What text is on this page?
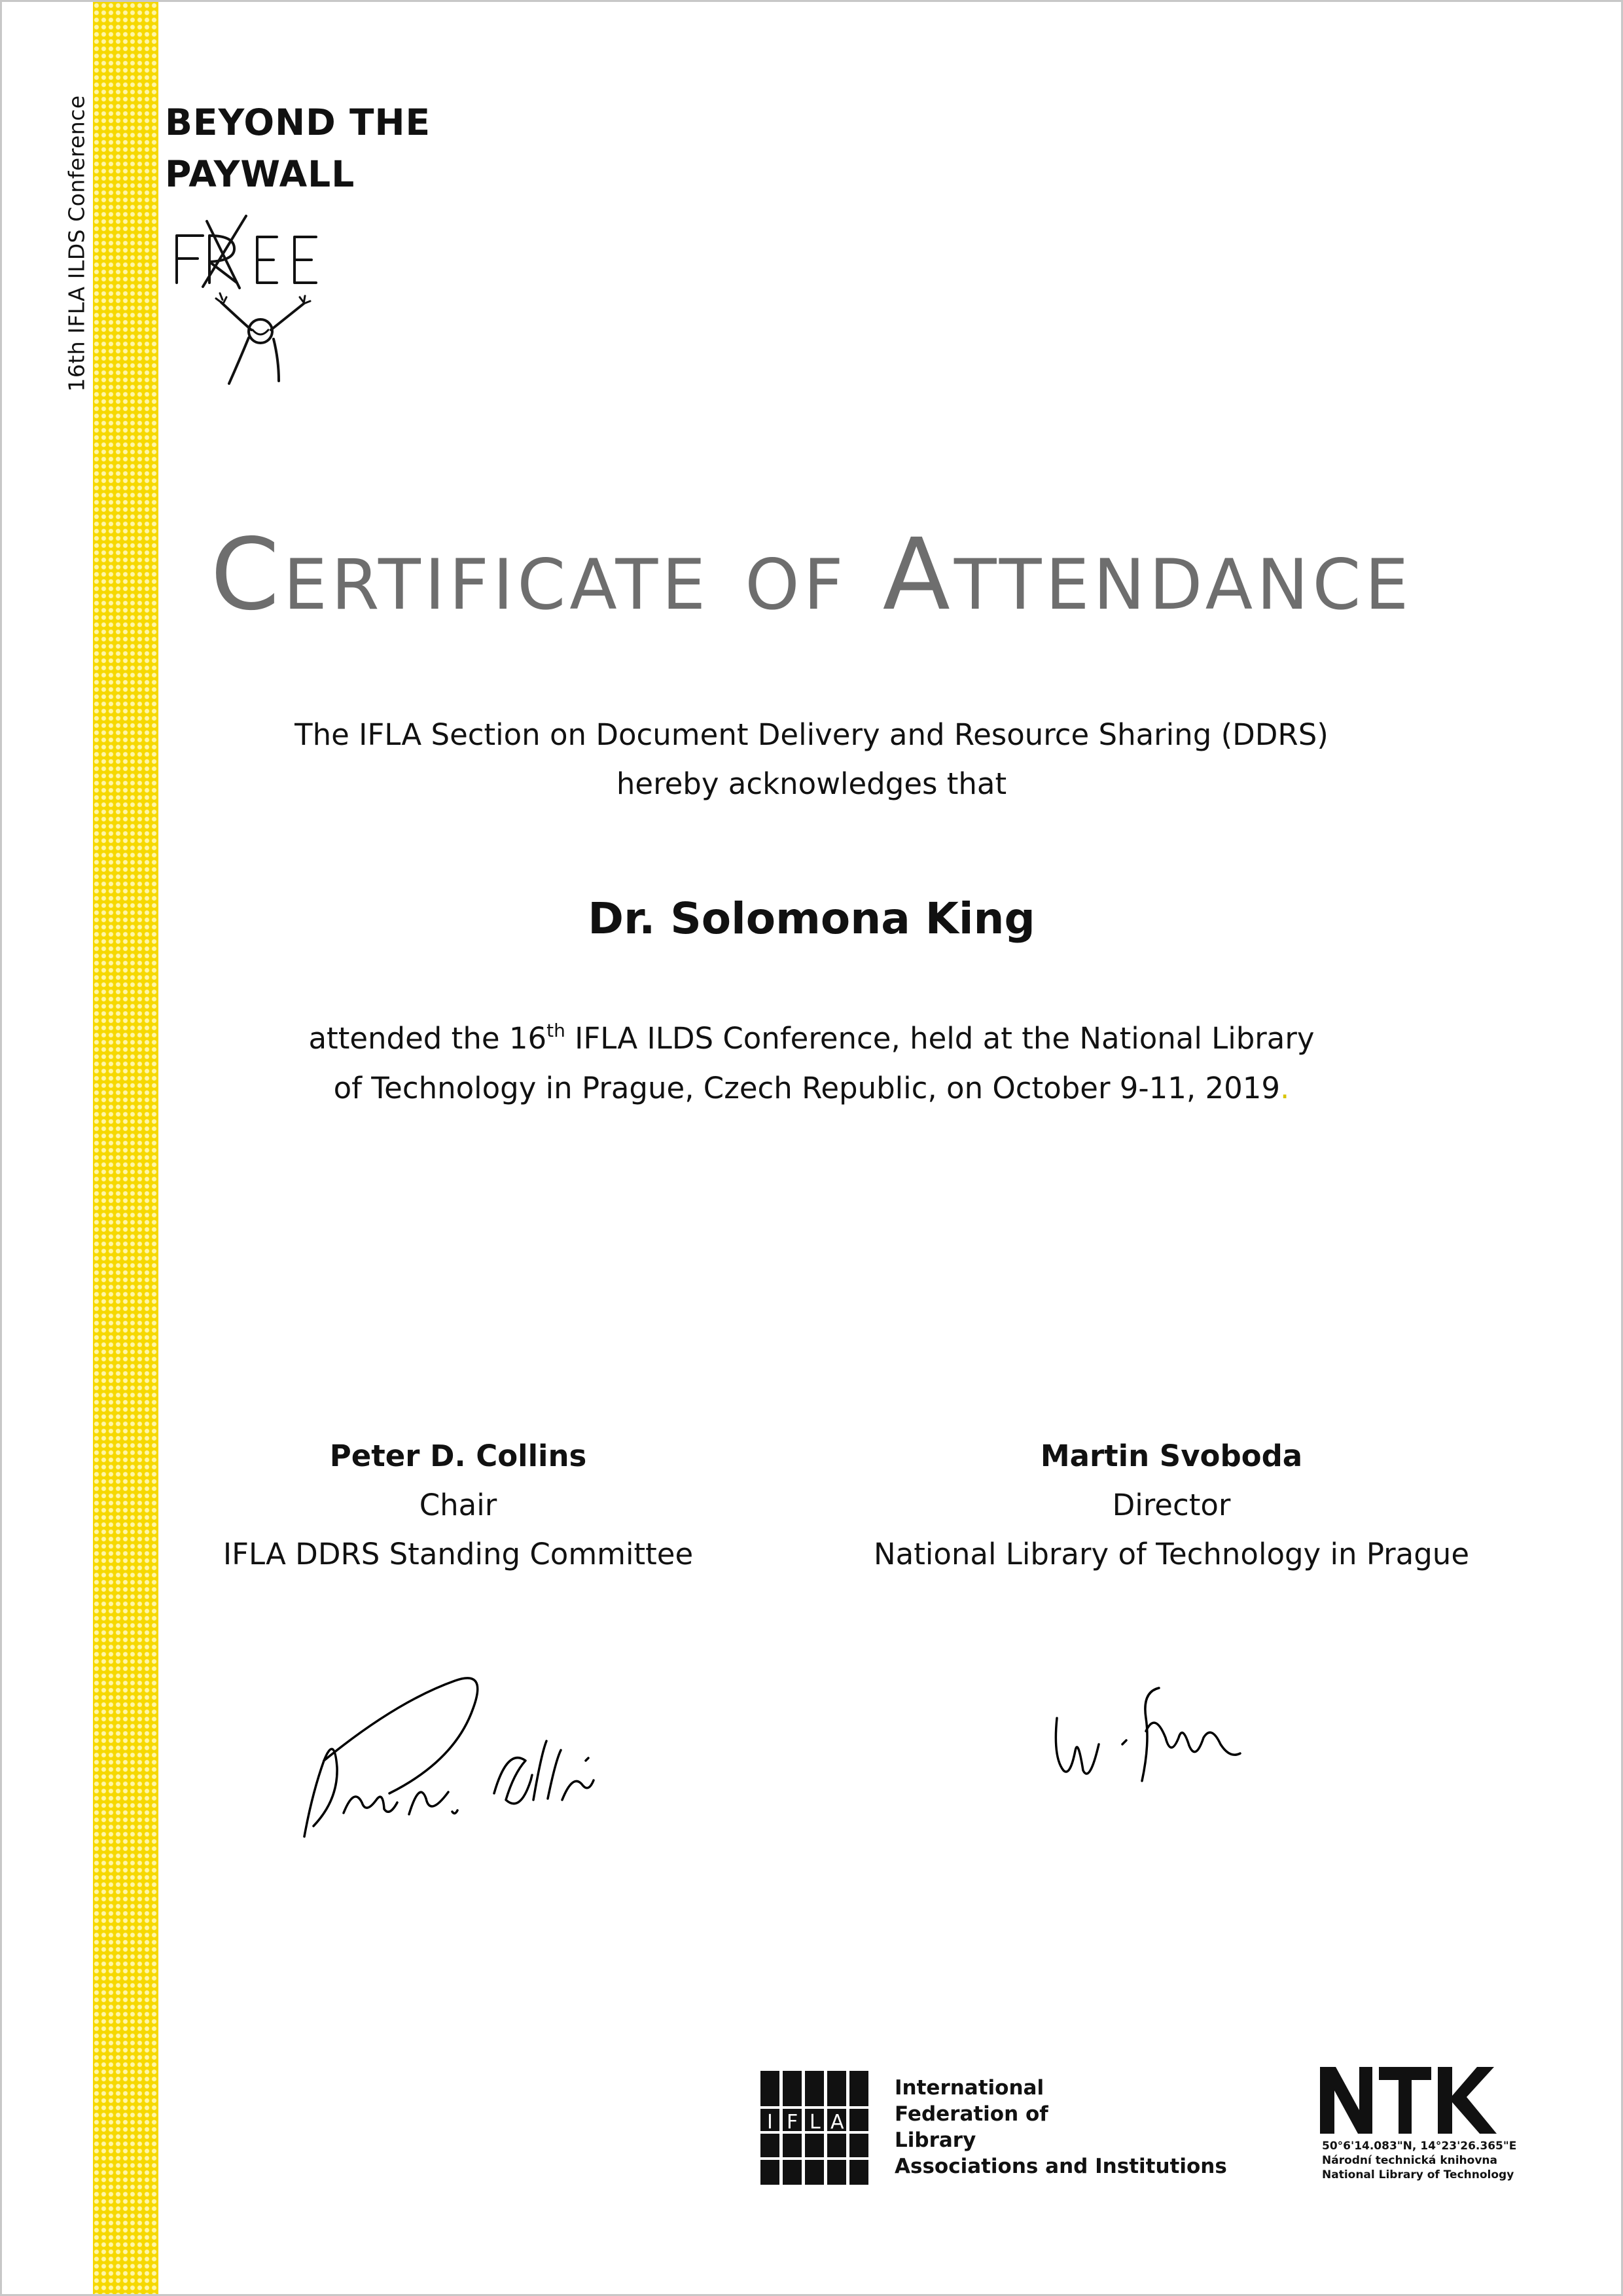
16th IFLA ILDS Conference BEYOND THE
PAYWALL
Certificate of Attendance
The IFLA Section on Document Delivery and Resource Sharing (DDRS)
hereby acknowledges that
Dr. Solomona King
attended the 16th IFLA ILDS Conference, held at the National Library
of Technology in Prague, Czech Republic, on October 9-11, 2019.
Peter D. Collins
Chair
IFLA DDRS Standing Committee
Martin Svoboda
Director
National Library of Technology in Prague
I F L A
International
Federation of
Library
Associations and Institutions
50°6'14.083"N, 14°23'26.365"E
Národní technická knihovna
National Library of Technology
